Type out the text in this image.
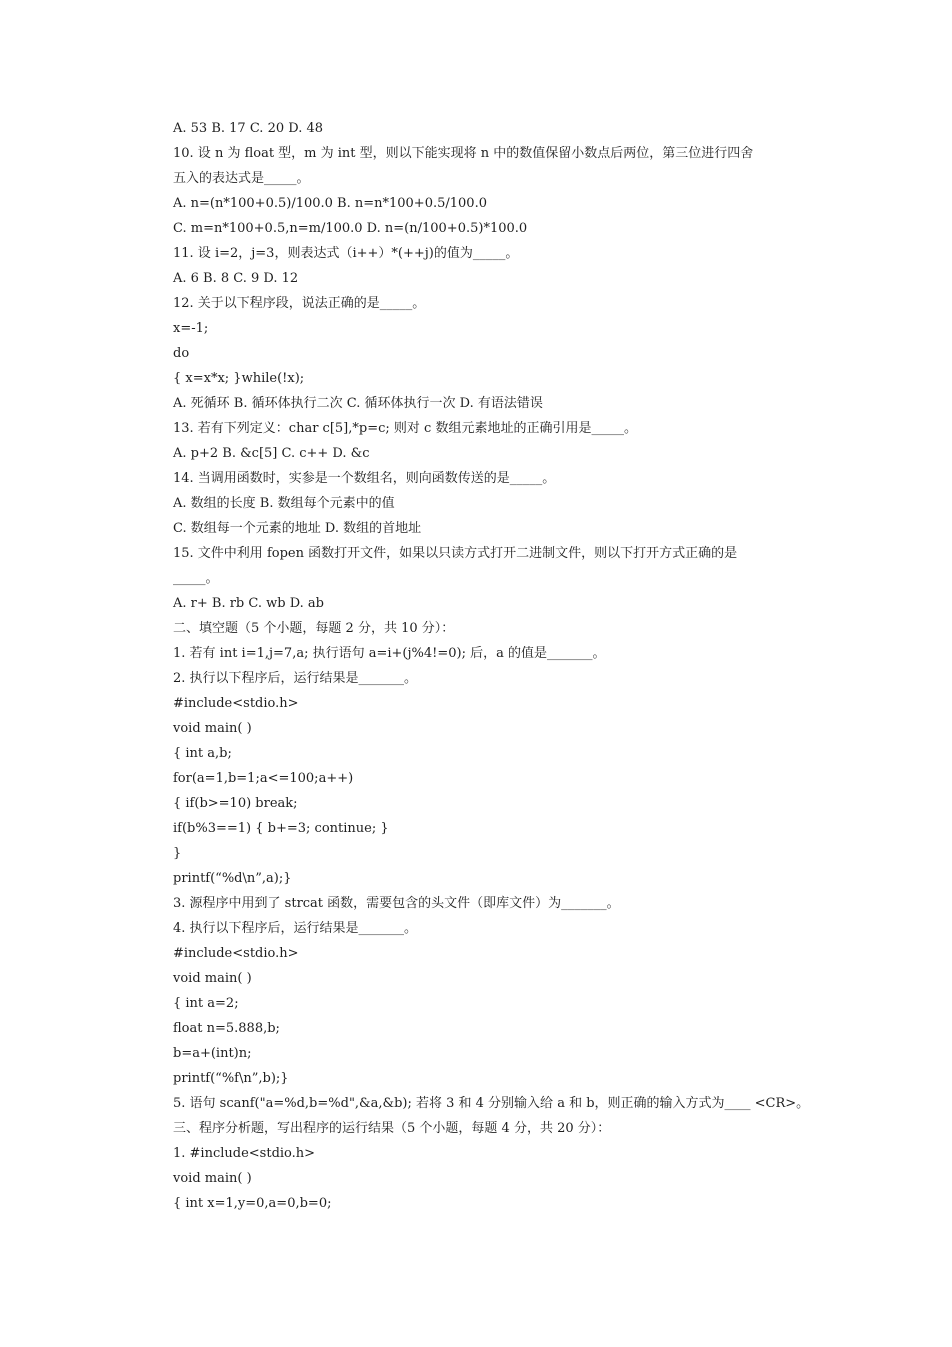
A. 53 B. 17 C. 20 D. 48
10. 设 n 为 float 型，m 为 int 型，则以下能实现将 n 中的数值保留小数点后两位，第三位进行四舍
五入的表达式是_____。
A. n=(n*100+0.5)/100.0 B. n=n*100+0.5/100.0
C. m=n*100+0.5,n=m/100.0 D. n=(n/100+0.5)*100.0
11. 设 i=2，j=3，则表达式（i++）*(++j)的值为_____。
A. 6 B. 8 C. 9 D. 12
12. 关于以下程序段，说法正确的是_____。
x=-1;
do
{ x=x*x; }while(!x);
A. 死循环 B. 循环体执行二次 C. 循环体执行一次 D. 有语法错误
13. 若有下列定义：char c[5],*p=c; 则对 c 数组元素地址的正确引用是_____。
A. p+2 B. &c[5] C. c++ D. &c
14. 当调用函数时，实参是一个数组名，则向函数传送的是_____。
A. 数组的长度 B. 数组每个元素中的值
C. 数组每一个元素的地址 D. 数组的首地址
15. 文件中利用 fopen 函数打开文件，如果以只读方式打开二进制文件，则以下打开方式正确的是
_____。
A. r+ B. rb C. wb D. ab
二、填空题（5 个小题，每题 2 分，共 10 分）：
1. 若有 int i=1,j=7,a; 执行语句 a=i+(j%4!=0); 后，a 的值是_______。
2. 执行以下程序后，运行结果是_______。
#include<stdio.h>
void main( )
{ int a,b;
for(a=1,b=1;a<=100;a++)
{ if(b>=10) break;
if(b%3==1) { b+=3; continue; }
}
printf(“%d\n”,a);}
3. 源程序中用到了 strcat 函数，需要包含的头文件（即库文件）为_______。
4. 执行以下程序后，运行结果是_______。
#include<stdio.h>
void main( )
{ int a=2;
float n=5.888,b;
b=a+(int)n;
printf(“%f\n”,b);}
5. 语句 scanf("a=%d,b=%d",&a,&b); 若将 3 和 4 分别输入给 a 和 b，则正确的输入方式为____ <CR>。
三、程序分析题，写出程序的运行结果（5 个小题，每题 4 分，共 20 分）：
1. #include<stdio.h>
void main( )
{ int x=1,y=0,a=0,b=0;
